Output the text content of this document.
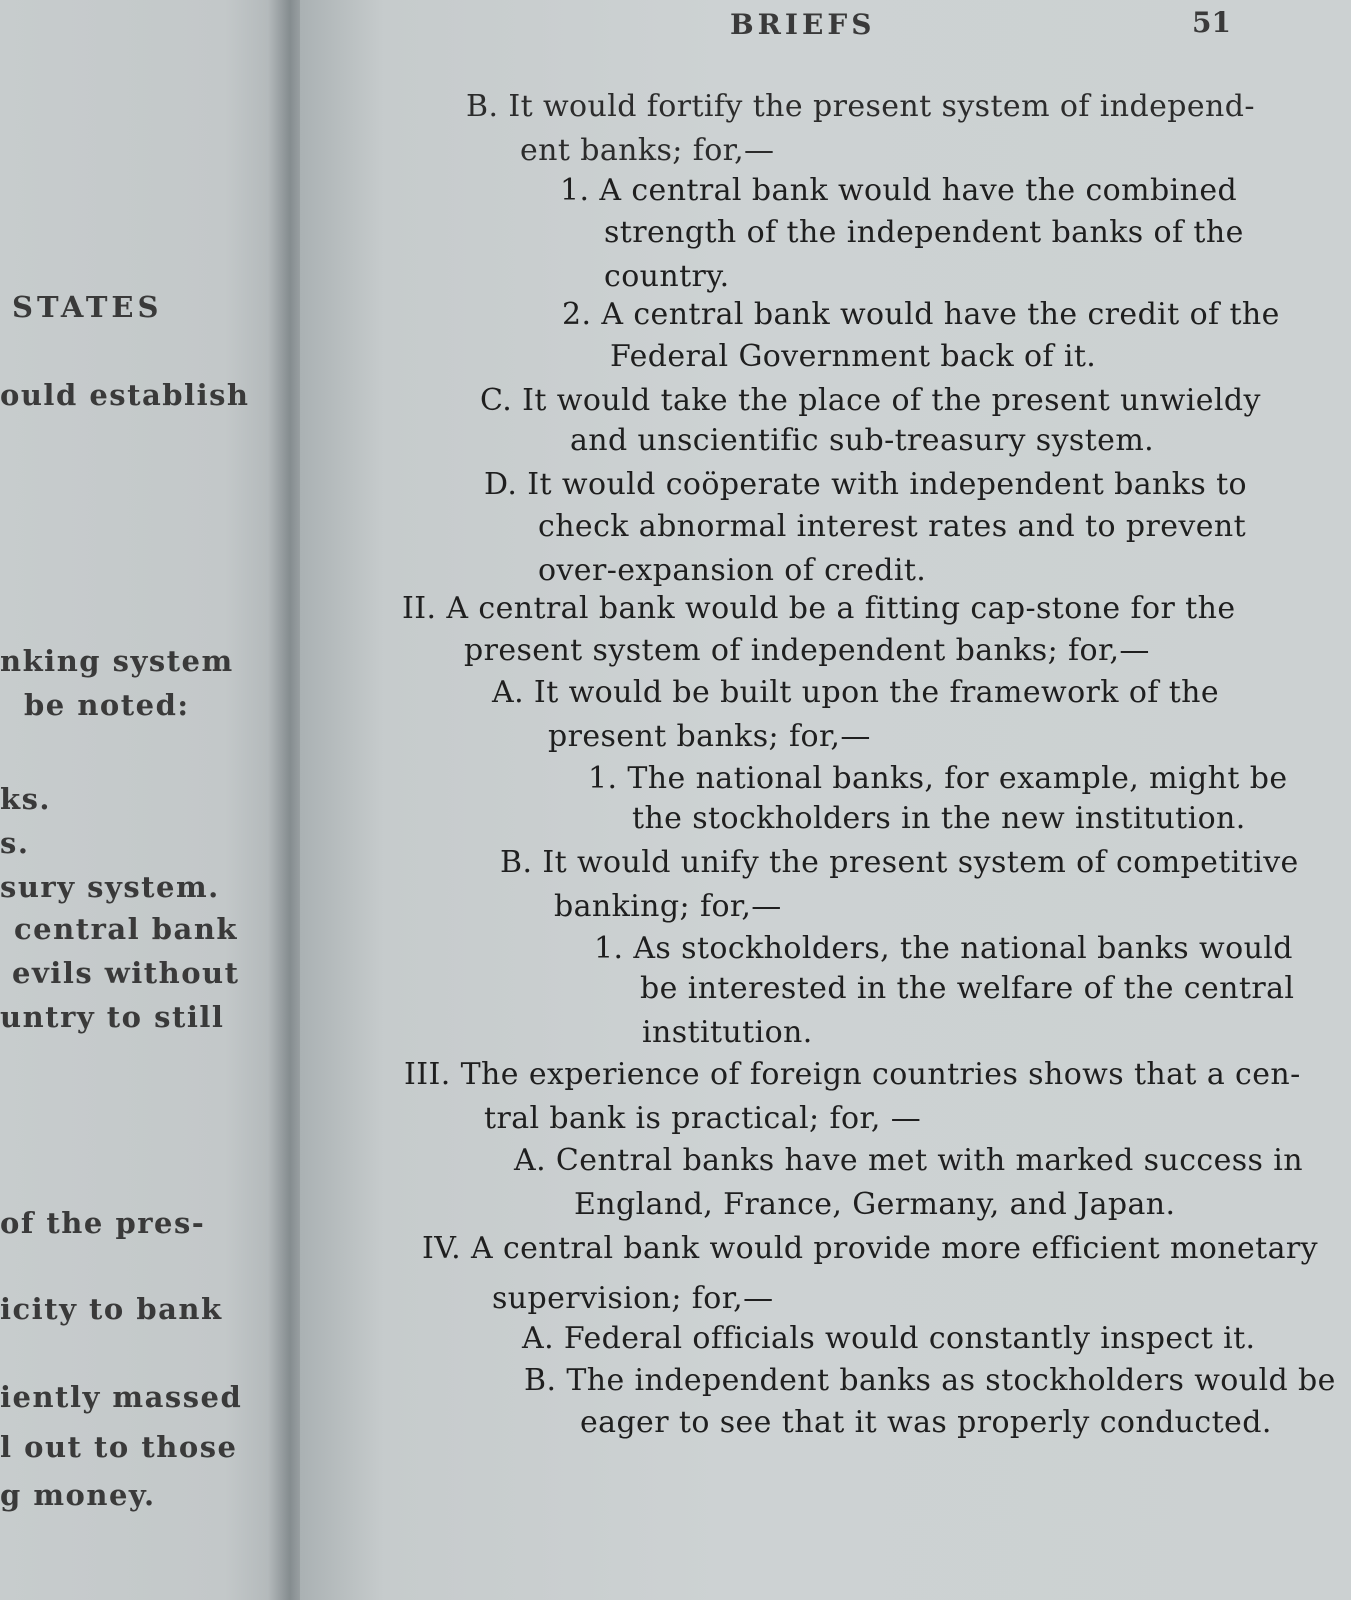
STATES
ould establish
nking system
be noted:
ks.
s.
sury system.
central bank
evils without
untry to still
of the pres-
icity to bank
iently massed
l out to those
g money.
BRIEFS	51
B. It would fortify the present system of independ-
ent banks; for,—
1. A central bank would have the combined
strength of the independent banks of the
country.
2. A central bank would have the credit of the
Federal Government back of it.
C. It would take the place of the present unwieldy
and unscientific sub-treasury system.
D. It would coöperate with independent banks to
check abnormal interest rates and to prevent
over-expansion of credit.
II. A central bank would be a fitting cap-stone for the
present system of independent banks; for,—
A. It would be built upon the framework of the
present banks; for,—
1. The national banks, for example, might be
the stockholders in the new institution.
B. It would unify the present system of competitive
banking; for,—
1. As stockholders, the national banks would
be interested in the welfare of the central
institution.
III. The experience of foreign countries shows that a cen-
tral bank is practical; for, —
A. Central banks have met with marked success in
England, France, Germany, and Japan.
IV. A central bank would provide more efficient monetary
supervision; for,—
A. Federal officials would constantly inspect it.
B. The independent banks as stockholders would be
eager to see that it was properly conducted.
